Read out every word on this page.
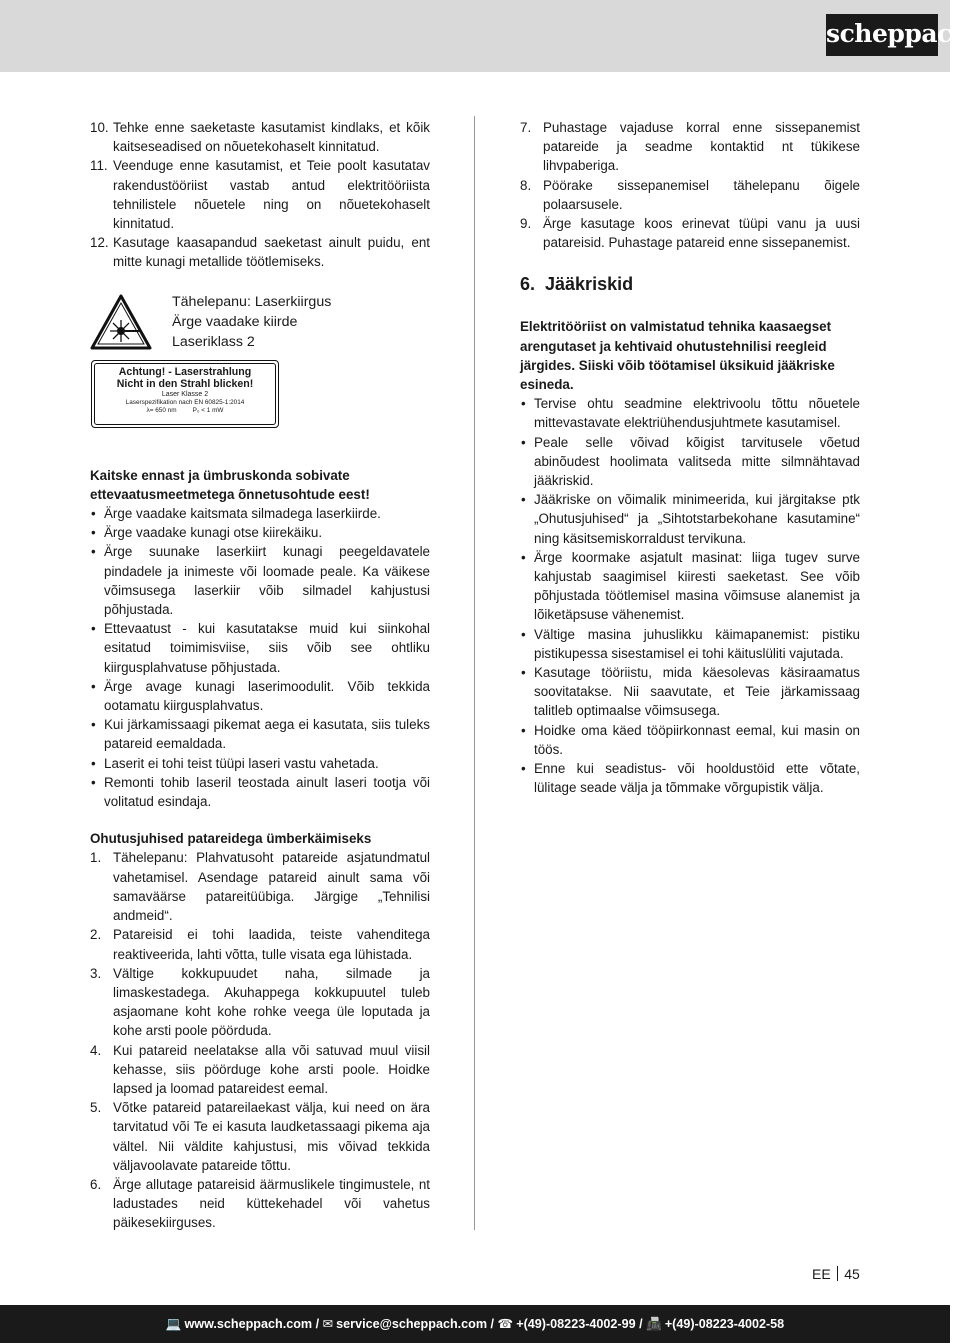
scheppach
10. Tehke enne saeketaste kasutamist kindlaks, et kõik kaitseseadised on nõuetekohaselt kinnitatud.
11. Veenduge enne kasutamist, et Teie poolt kasutatav rakendustööriist vastab antud elektritööriista tehnilistele nõuetele ning on nõuetekohaselt kinnitatud.
12. Kasutage kaasapandud saeketast ainult puidu, ent mitte kunagi metallide töötlemiseks.
Tähelepanu: Laserkiirgus
Ärge vaadake kiirde
Laseriklass 2
Achtung! - Laserstrahlung
Nicht in den Strahl blicken!
Laser Klasse 2
Laserspezifikation nach EN 60825-1:2014
λ= 650 nm	P₀ < 1 mW
Kaitske ennast ja ümbruskonda sobivate ettevaatusmeetmetega õnnetusohtude eest!
• Ärge vaadake kaitsmata silmadega laserkiirde.
• Ärge vaadake kunagi otse kiirekäiku.
• Ärge suunake laserkiirt kunagi peegeldavatele pindadele ja inimeste või loomade peale. Ka väikese võimsusega laserkiir võib silmadel kahjustusi põhjustada.
• Ettevaatust - kui kasutatakse muid kui siinkohal esitatud toimimisviise, siis võib see ohtliku kiirgusplahvatuse põhjustada.
• Ärge avage kunagi laserimoodulit. Võib tekkida ootamatu kiirgusplahvatus.
• Kui järkamissaagi pikemat aega ei kasutata, siis tuleks patareid eemaldada.
• Laserit ei tohi teist tüüpi laseri vastu vahetada.
• Remonti tohib laseril teostada ainult laseri tootja või volitatud esindaja.
Ohutusjuhised patareidega ümberkäimiseks
1. Tähelepanu: Plahvatusoht patareide asjatundmatul vahetamisel. Asendage patareid ainult sama või samaväärse patareitüübiga. Järgige „Tehnilisi andmeid“.
2. Patareisid ei tohi laadida, teiste vahenditega reaktiveerida, lahti võtta, tulle visata ega lühistada.
3. Vältige kokkupuudet naha, silmade ja limaskestadega. Akuhappega kokkupuutel tuleb asjaomane koht kohe rohke veega üle loputada ja kohe arsti poole pöörduda.
4. Kui patareid neelatakse alla või satuvad muul viisil kehasse, siis pöörduge kohe arsti poole. Hoidke lapsed ja loomad patareidest eemal.
5. Võtke patareid patareilaekast välja, kui need on ära tarvitatud või Te ei kasuta laudketassaagi pikema aja vältel. Nii väldite kahjustusi, mis võivad tekkida väljavoolavate patareide tõttu.
6. Ärge allutage patareisid äärmuslikele tingimustele, nt ladustades neid küttekehadel või vahetus päikesekiirguses.
7. Puhastage vajaduse korral enne sissepanemist patareide ja seadme kontaktid nt tükikese lihvpaberiga.
8. Pöörake sissepanemisel tähelepanu õigele polaarsusele.
9. Ärge kasutage koos erinevat tüüpi vanu ja uusi patareisid. Puhastage patareid enne sissepanemist.
6. Jääkriskid
Elektritööriist on valmistatud tehnika kaasaegset arengutaset ja kehtivaid ohutustehnilisi reegleid järgides. Siiski võib töötamisel üksikuid jääkriske esineda.
• Tervise ohtu seadmine elektrivoolu tõttu nõuetele mittevastavate elektriühendusjuhtmete kasutamisel.
• Peale selle võivad kõigist tarvitusele võetud abinõudest hoolimata valitseda mitte silmnähtavad jääkriskid.
• Jääkriske on võimalik minimeerida, kui järgitakse ptk „Ohutusjuhised“ ja „Sihtotstarbekohane kasutamine“ ning käsitsemiskorraldust tervikuna.
• Ärge koormake asjatult masinat: liiga tugev surve kahjustab saagimisel kiiresti saeketast. See võib põhjustada töötlemisel masina võimsuse alanemist ja lõiketäpsuse vähenemist.
• Vältige masina juhuslikku käimapanemist: pistiku pistikupessa sisestamisel ei tohi käituslüliti vajutada.
• Kasutage tööriistu, mida käesolevas käsiraamatus soovitatakse. Nii saavutate, et Teie järkamissaag talitleb optimaalse võimsusega.
• Hoidke oma käed tööpiirkonnast eemal, kui masin on töös.
• Enne kui seadistus- või hooldustöid ette võtate, lülitage seade välja ja tõmmake võrgupistik välja.
EE 45
💻 www.scheppach.com / ✉ service@scheppach.com / ☎ +(49)-08223-4002-99 / 📠 +(49)-08223-4002-58
